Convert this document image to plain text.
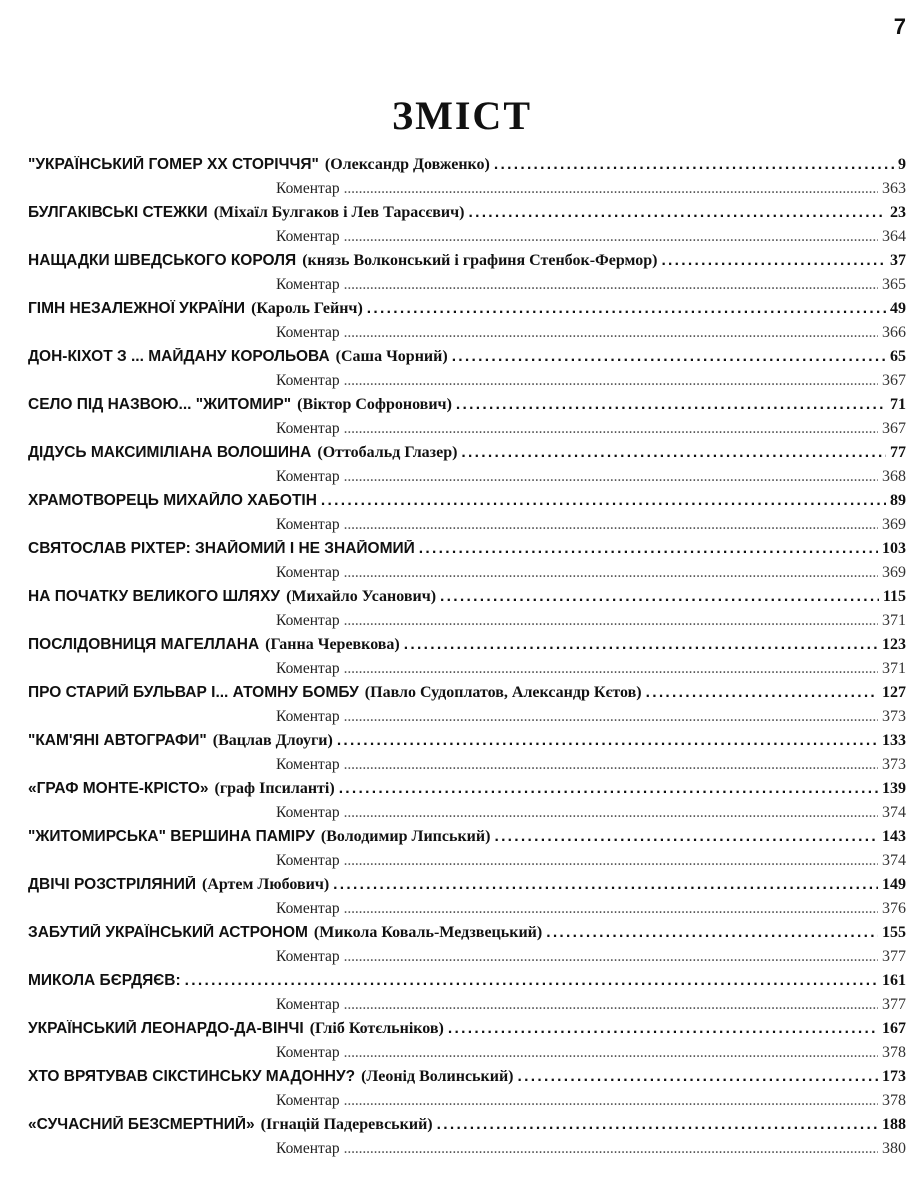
7
ЗМІСТ
"УКРАЇНСЬКИЙ ГОМЕР XX СТОРІЧЧЯ" (Олександр Довженко) . . .	9
Коментар . . .	363
БУЛГАКІВСЬКІ СТЕЖКИ (Міхаїл Булгаков і Лев Тарасєвич) . . .	23
Коментар . . .	364
НАЩАДКИ ШВЕДСЬКОГО КОРОЛЯ (князь Волконський і графиня Стенбок-Фермор) . . .	37
Коментар . . .	365
ГІМН НЕЗАЛЕЖНОЇ УКРАЇНИ (Кароль Гейнч) . . .	49
Коментар . . .	366
ДОН-КІХОТ З ... МАЙДАНУ КОРОЛЬОВА (Саша Чорний) . . .	65
Коментар . . .	367
СЕЛО ПІД НАЗВОЮ... "ЖИТОМИР" (Віктор Софронович) . . .	71
Коментар . . .	367
ДІДУСЬ МАКСИМІЛІАНА ВОЛОШИНА (Оттобальд Глазер) . . .	77
Коментар . . .	368
ХРАМОТВОРЕЦЬ МИХАЙЛО ХАБОТІН . . .	89
Коментар . . .	369
СВЯТОСЛАВ РІХТЕР: ЗНАЙОМИЙ І НЕ ЗНАЙОМИЙ . . .	103
Коментар . . .	369
НА ПОЧАТКУ ВЕЛИКОГО ШЛЯХУ (Михайло Усанович) . . .	115
Коментар . . .	371
ПОСЛІДОВНИЦЯ МАГЕЛЛАНА (Ганна Черевкова) . . .	123
Коментар . . .	371
ПРО СТАРИЙ БУЛЬВАР І... АТОМНУ БОМБУ (Павло Судоплатов, Александр Кєтов) . . .	127
Коментар . . .	373
"КАМ'ЯНІ АВТОГРАФИ" (Вацлав Длоуги) . . .	133
Коментар . . .	373
«ГРАФ МОНТЕ-КРІСТО» (граф Іпсиланті) . . .	139
Коментар . . .	374
"ЖИТОМИРСЬКА" ВЕРШИНА ПАМІРУ (Володимир Липський) . . .	143
Коментар . . .	374
ДВІЧІ РОЗСТРІЛЯНИЙ (Артем Любович) . . .	149
Коментар . . .	376
ЗАБУТИЙ УКРАЇНСЬКИЙ АСТРОНОМ (Микола Коваль-Медзвецький) . . .	155
Коментар . . .	377
МИКОЛА БЄРДЯЄВ: . . .	161
Коментар . . .	377
УКРАЇНСЬКИЙ ЛЕОНАРДО-ДА-ВІНЧІ (Гліб Котєльніков) . . .	167
Коментар . . .	378
ХТО ВРЯТУВАВ СІКСТИНСЬКУ МАДОННУ? (Леонід Волинський) . . .	173
Коментар . . .	378
«СУЧАСНИЙ БЕЗСМЕРТНИЙ» (Ігнацій Падеревський) . . .	188
Коментар . . .	380
